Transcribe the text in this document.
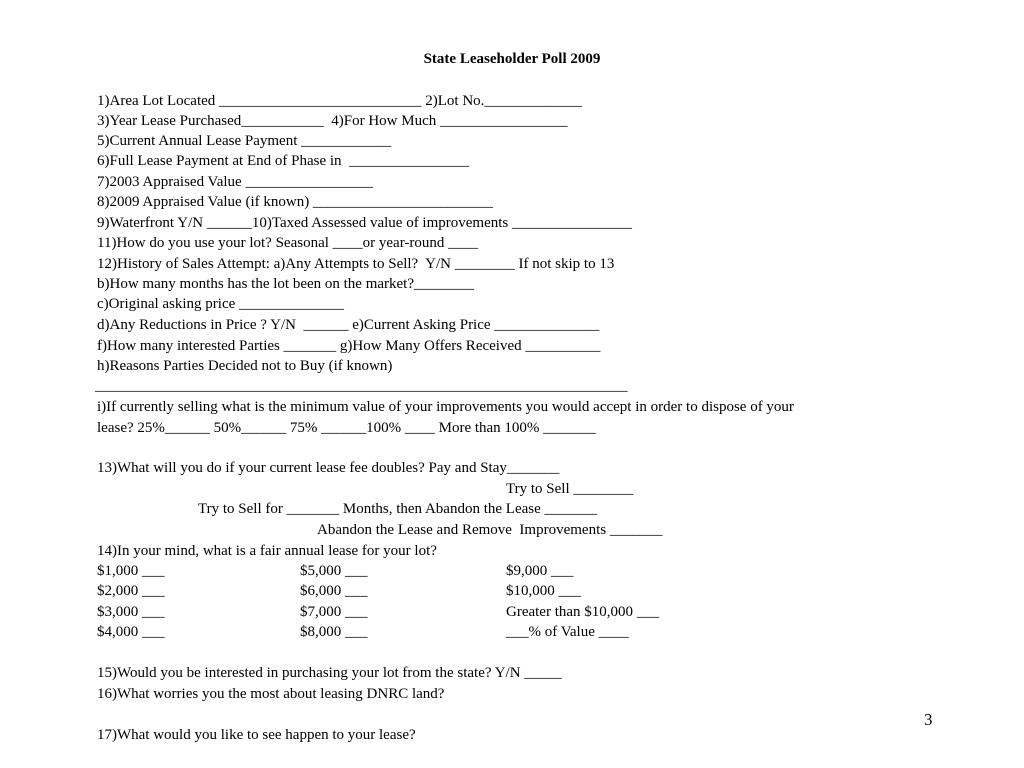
State Leaseholder Poll 2009
1)Area Lot Located ___________________________ 2)Lot No._____________
3)Year Lease Purchased___________  4)For How Much _________________
5)Current Annual Lease Payment ____________
6)Full Lease Payment at End of Phase in  ________________
7)2003 Appraised Value _________________
8)2009 Appraised Value (if known) ________________________
9)Waterfront Y/N ______10)Taxed Assessed value of improvements ________________
11)How do you use your lot? Seasonal ____or year-round ____
12)History of Sales Attempt: a)Any Attempts to Sell?  Y/N ________ If not skip to 13
b)How many months has the lot been on the market?________
c)Original asking price ______________
d)Any Reductions in Price ? Y/N  ______ e)Current Asking Price ______________
f)How many interested Parties _______ g)How Many Offers Received __________
h)Reasons Parties Decided not to Buy (if known)
_______________________________________________________________________
i)If currently selling what is the minimum value of your improvements you would accept in order to dispose of your
lease? 25%______ 50%______ 75% ______100% ____ More than 100% _______
13)What will you do if your current lease fee doubles? Pay and Stay_______
Try to Sell ________
Try to Sell for _______ Months, then Abandon the Lease _______
Abandon the Lease and Remove  Improvements _______
14)In your mind, what is a fair annual lease for your lot?
$1,000 ___
$2,000 ___
$3,000 ___
$4,000 ___
$5,000 ___
$6,000 ___
$7,000 ___
$8,000 ___
$9,000 ___
$10,000 ___
Greater than $10,000 ___
___% of Value ____
15)Would you be interested in purchasing your lot from the state? Y/N _____
16)What worries you the most about leasing DNRC land?
17)What would you like to see happen to your lease?
3
